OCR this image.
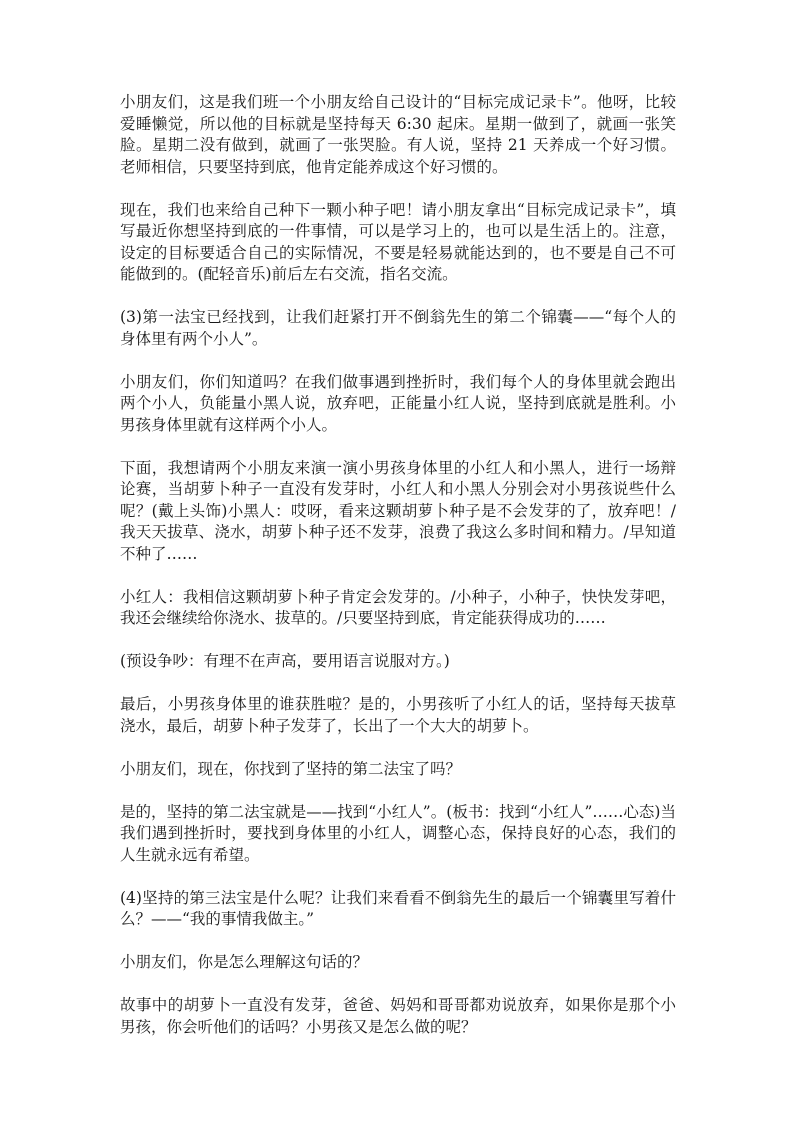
小朋友们，这是我们班一个小朋友给自己设计的“目标完成记录卡”。他呀，比较爱睡懒觉，所以他的目标就是坚持每天 6:30 起床。星期一做到了，就画一张笑脸。星期二没有做到，就画了一张哭脸。有人说，坚持 21 天养成一个好习惯。老师相信，只要坚持到底，他肯定能养成这个好习惯的。

现在，我们也来给自己种下一颗小种子吧！请小朋友拿出“目标完成记录卡”，填写最近你想坚持到底的一件事情，可以是学习上的，也可以是生活上的。注意，设定的目标要适合自己的实际情况，不要是轻易就能达到的，也不要是自己不可能做到的。(配轻音乐)前后左右交流，指名交流。

(3)第一法宝已经找到，让我们赶紧打开不倒翁先生的第二个锦囊——“每个人的身体里有两个小人”。

小朋友们，你们知道吗？在我们做事遇到挫折时，我们每个人的身体里就会跑出两个小人，负能量小黑人说，放弃吧，正能量小红人说，坚持到底就是胜利。小男孩身体里就有这样两个小人。

下面，我想请两个小朋友来演一演小男孩身体里的小红人和小黑人，进行一场辩论赛，当胡萝卜种子一直没有发芽时，小红人和小黑人分别会对小男孩说些什么呢？(戴上头饰)小黑人：哎呀，看来这颗胡萝卜种子是不会发芽的了，放弃吧！/我天天拔草、浇水，胡萝卜种子还不发芽，浪费了我这么多时间和精力。/早知道不种了……

小红人：我相信这颗胡萝卜种子肯定会发芽的。/小种子，小种子，快快发芽吧，我还会继续给你浇水、拔草的。/只要坚持到底，肯定能获得成功的……

(预设争吵：有理不在声高，要用语言说服对方。)

最后，小男孩身体里的谁获胜啦？是的，小男孩听了小红人的话，坚持每天拔草浇水，最后，胡萝卜种子发芽了，长出了一个大大的胡萝卜。

小朋友们，现在，你找到了坚持的第二法宝了吗？

是的，坚持的第二法宝就是——找到“小红人”。(板书：找到“小红人”……心态)当我们遇到挫折时，要找到身体里的小红人，调整心态，保持良好的心态，我们的人生就永远有希望。

(4)坚持的第三法宝是什么呢？让我们来看看不倒翁先生的最后一个锦囊里写着什么？——“我的事情我做主。”

小朋友们，你是怎么理解这句话的？

故事中的胡萝卜一直没有发芽，爸爸、妈妈和哥哥都劝说放弃，如果你是那个小男孩，你会听他们的话吗？小男孩又是怎么做的呢？
